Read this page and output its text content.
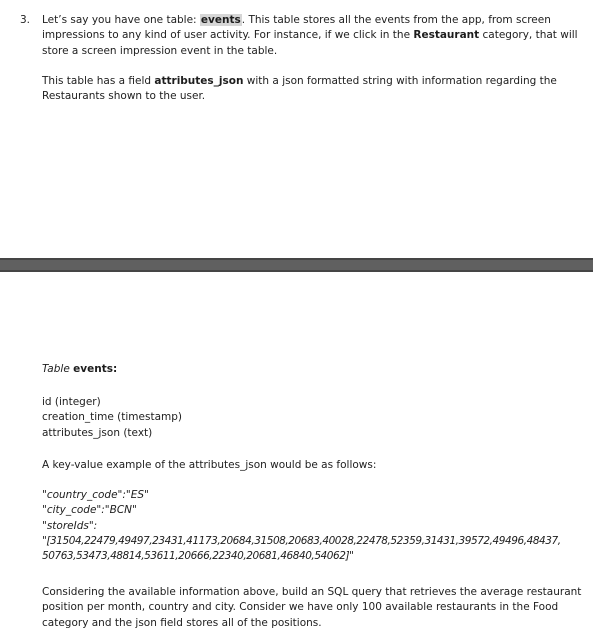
3.	Let’s say you have one table: events. This table stores all the events from the app, from screen impressions to any kind of user activity. For instance, if we click in the Restaurant category, that will store a screen impression event in the table.

This table has a field attributes_json with a json formatted string with information regarding the Restaurants shown to the user.

Table events:
id (integer)
creation_time (timestamp)
attributes_json (text)
A key-value example of the attributes_json would be as follows:
"country_code":"ES"
"city_code":"BCN"
"storeIds":
"[31504,22479,49497,23431,41173,20684,31508,20683,40028,22478,52359,31431,39572,49496,48437,
50763,53473,48814,53611,20666,22340,20681,46840,54062]"
Considering the available information above, build an SQL query that retrieves the average restaurant position per month, country and city. Consider we have only 100 available restaurants in the Food category and the json field stores all of the positions.
